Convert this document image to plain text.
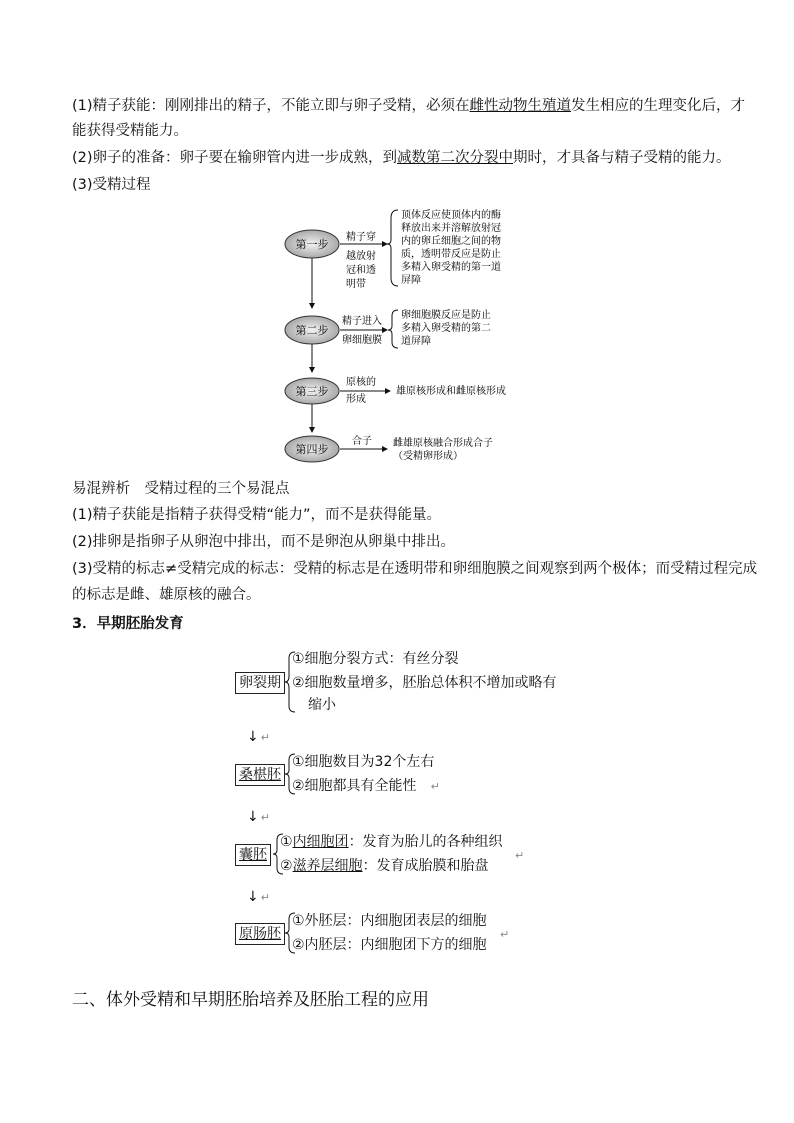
(1)精子获能：刚刚排出的精子，不能立即与卵子受精，必须在雌性动物生殖道发生相应的生理变化后，才
能获得受精能力。
(2)卵子的准备：卵子要在输卵管内进一步成熟，到减数第二次分裂中期时，才具备与精子受精的能力。
(3)受精过程
第一步
精子穿
越放射
冠和透
明带
顶体反应使顶体内的酶
释放出来并溶解放射冠
内的卵丘细胞之间的物
质，透明带反应是防止
多精入卵受精的第一道
屏障
第二步
精子进入
卵细胞膜
卵细胞膜反应是防止
多精入卵受精的第二
道屏障
第三步
原核的
形成
雄原核形成和雌原核形成
第四步
合子 雌雄原核融合形成合子
（受精卵形成）
易混辨析　受精过程的三个易混点
(1)精子获能是指精子获得受精“能力”，而不是获得能量。
(2)排卵是指卵子从卵泡中排出，而不是卵泡从卵巢中排出。
(3)受精的标志≠受精完成的标志：受精的标志是在透明带和卵细胞膜之间观察到两个极体；而受精过程完成
的标志是雌、雄原核的融合。
3．早期胚胎发育
卵裂期
①细胞分裂方式：有丝分裂
②细胞数量增多，胚胎总体积不增加或略有
缩小
↓ ↵
桑椹胚
①细胞数目为32个左右
②细胞都具有全能性 ↵
↓ ↵
囊胚
①内细胞团：发育为胎儿的各种组织
②滋养层细胞：发育成胎膜和胎盘
↵
↓ ↵
原肠胚
①外胚层：内细胞团表层的细胞
②内胚层：内细胞团下方的细胞
↵
二、体外受精和早期胚胎培养及胚胎工程的应用
